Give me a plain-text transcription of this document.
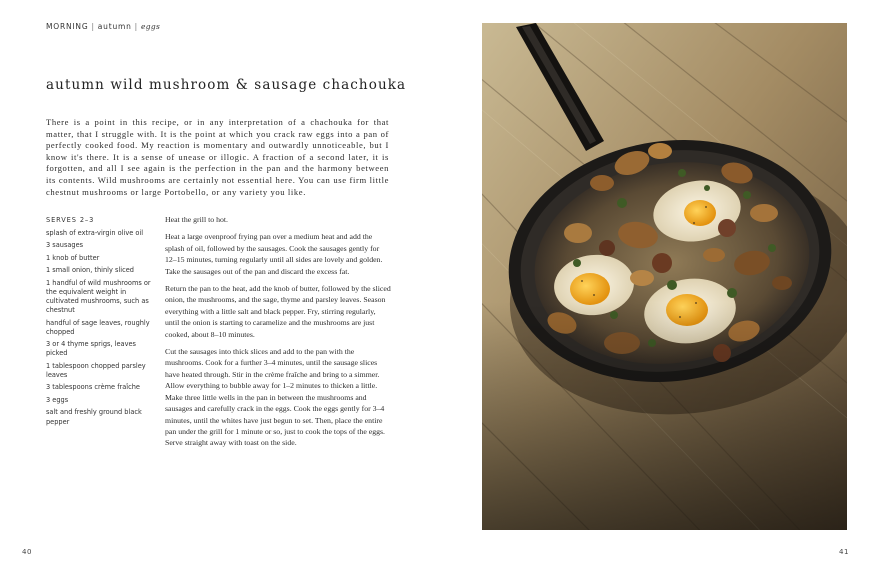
MORNING | autumn | eggs
autumn wild mushroom & sausage chachouka

There is a point in this recipe, or in any interpretation of a chachouka for that matter, that I struggle with. It is the point at which you crack raw eggs into a pan of perfectly cooked food. My reaction is momentary and outwardly unnoticeable, but I know it's there. It is a sense of unease or illogic. A fraction of a second later, it is forgotten, and all I see again is the perfection in the pan and the harmony between its contents. Wild mushrooms are certainly not essential here. You can use firm little chestnut mushrooms or large Portobello, or any variety you like.

SERVES 2–3
splash of extra-virgin olive oil
3 sausages
1 knob of butter
1 small onion, thinly sliced
1 handful of wild mushrooms or the equivalent weight in cultivated mushrooms, such as chestnut
handful of sage leaves, roughly chopped
3 or 4 thyme sprigs, leaves picked
1 tablespoon chopped parsley leaves
3 tablespoons crème fraîche
3 eggs
salt and freshly ground black pepper

Heat the grill to hot.

Heat a large ovenproof frying pan over a medium heat and add the splash of oil, followed by the sausages. Cook the sausages gently for 12–15 minutes, turning regularly until all sides are lovely and golden. Take the sausages out of the pan and discard the excess fat.

Return the pan to the heat, add the knob of butter, followed by the sliced onion, the mushrooms, and the sage, thyme and parsley leaves. Season everything with a little salt and black pepper. Fry, stirring regularly, until the onion is starting to caramelize and the mushrooms are just cooked, about 8–10 minutes.

Cut the sausages into thick slices and add to the pan with the mushrooms. Cook for a further 3–4 minutes, until the sausage slices have heated through. Stir in the crème fraîche and bring to a simmer. Allow everything to bubble away for 1–2 minutes to thicken a little. Make three little wells in the pan in between the mushrooms and sausages and carefully crack in the eggs. Cook the eggs gently for 3–4 minutes, until the whites have just begun to set. Then, place the entire pan under the grill for 1 minute or so, just to cook the tops of the eggs. Serve straight away with toast on the side.

40	41
